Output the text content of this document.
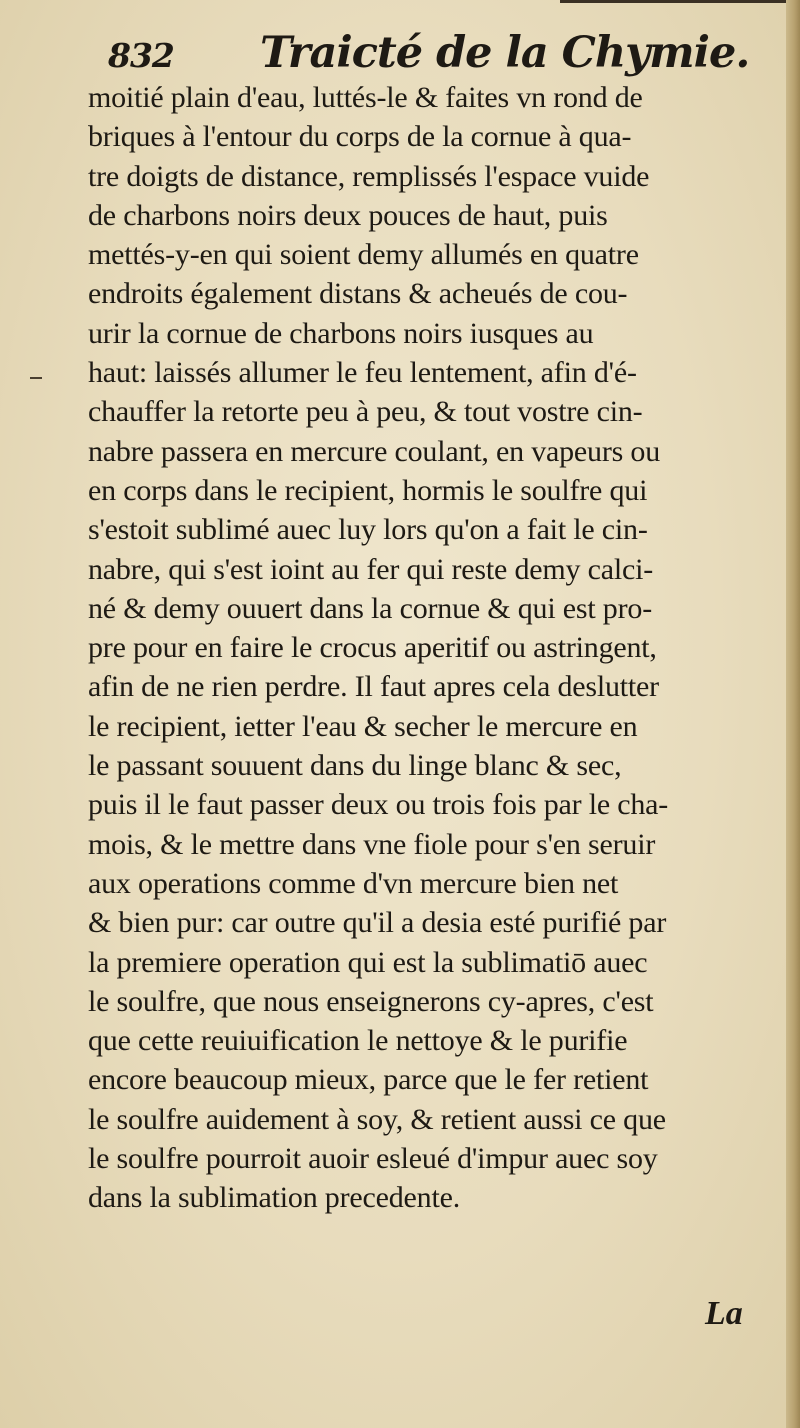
832 Traicté de la Chymie.
moitié plain d'eau, luttés-le & faites vn rond de
briques à l'entour du corps de la cornue à qua-
tre doigts de distance, remplissés l'espace vuide
de charbons noirs deux pouces de haut, puis
mettés-y-en qui soient demy allumés en quatre
endroits également distans & acheués de cou-
urir la cornue de charbons noirs iusques au
haut: laissés allumer le feu lentement, afin d'é-
chauffer la retorte peu à peu, & tout vostre cin-
nabre passera en mercure coulant, en vapeurs ou
en corps dans le recipient, hormis le soulfre qui
s'estoit sublimé auec luy lors qu'on a fait le cin-
nabre, qui s'est ioint au fer qui reste demy calci-
né & demy ouuert dans la cornue & qui est pro-
pre pour en faire le crocus aperitif ou astringent,
afin de ne rien perdre. Il faut apres cela deslutter
le recipient, ietter l'eau & secher le mercure en
le passant souuent dans du linge blanc & sec,
puis il le faut passer deux ou trois fois par le cha-
mois, & le mettre dans vne fiole pour s'en seruir
aux operations comme d'vn mercure bien net
& bien pur: car outre qu'il a desia esté purifié par
la premiere operation qui est la sublimatiō auec
le soulfre, que nous enseignerons cy-apres, c'est
que cette reuiuification le nettoye & le purifie
encore beaucoup mieux, parce que le fer retient
le soulfre auidement à soy, & retient aussi ce que
le soulfre pourroit auoir esleué d'impur auec soy
dans la sublimation precedente.
La
